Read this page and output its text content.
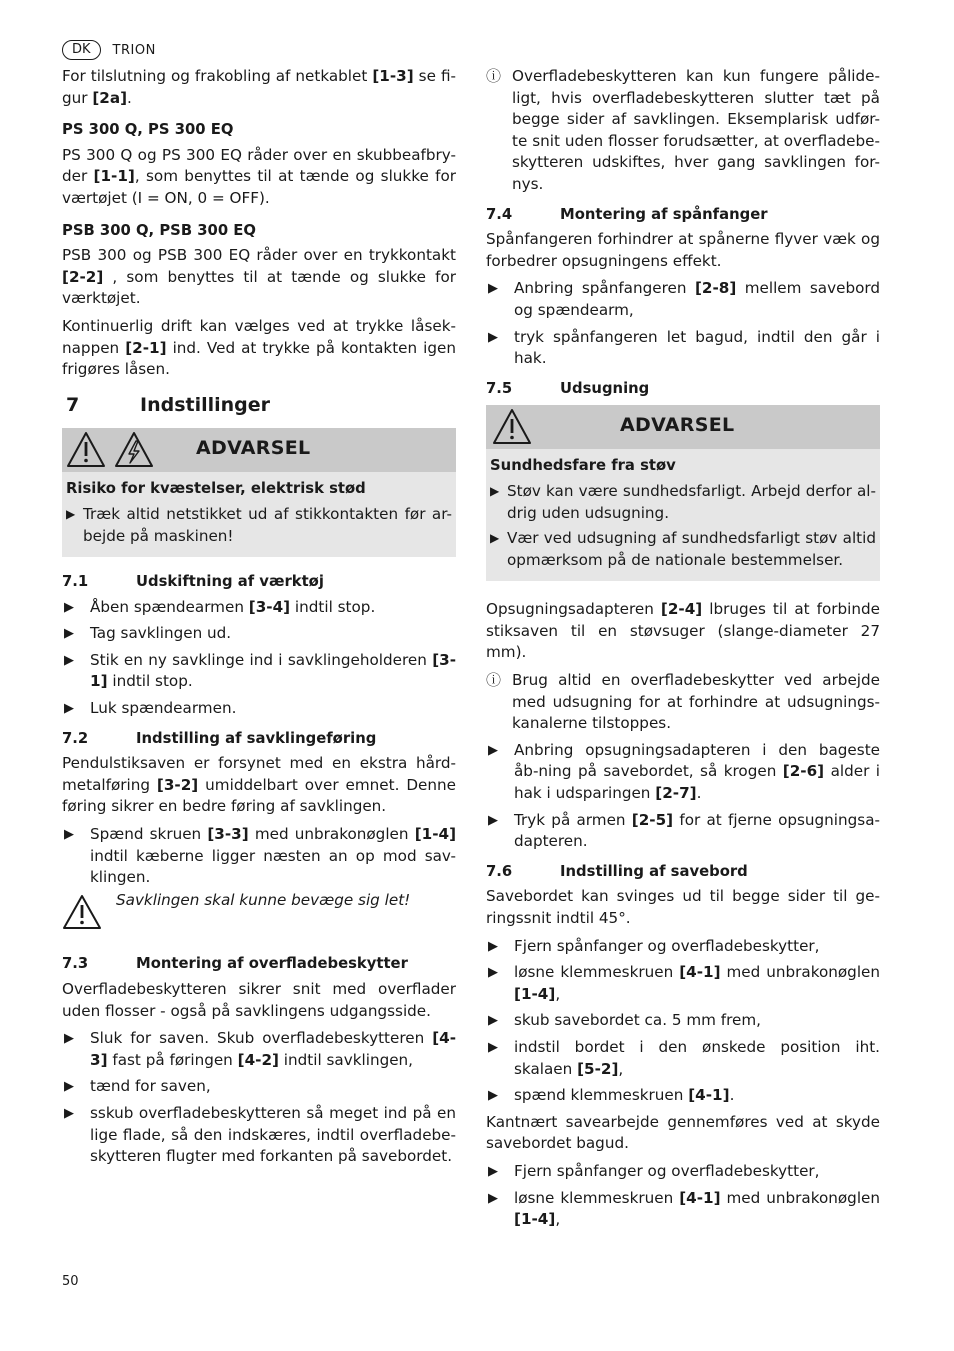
DK	TRION

For tilslutning og frakobling af netkablet [1-3] se fi-gur [2a].

PS 300 Q, PS 300 EQ

PS 300 Q og PS 300 EQ råder over en skubbeafbry-der [1-1], som benyttes til at tænde og slukke for værtøjet (I = ON, 0 = OFF).

PSB 300 Q, PSB 300 EQ

PSB 300 og PSB 300 EQ råder over en trykkontakt [2-2] , som benyttes til at tænde og slukke for værktøjet.

Kontinuerlig drift kan vælges ved at trykke låsek-nappen [2-1] ind. Ved at trykke på kontakten igen frigøres låsen.

7	Indstillinger
ADVARSEL
Risiko for kvæstelser, elektrisk stød
▶ Træk altid netstikket ud af stikkontakten før ar-bejde på maskinen!
7.1	Udskiftning af værktøj
▶	Åben spændearmen [3-4] indtil stop.
▶	Tag savklingen ud.
▶	Stik en ny savklinge ind i savklingeholderen [3-1] indtil stop.
▶	Luk spændearmen.
7.2	Indstilling af savklingeføring

Pendulstiksaven er forsynet med en ekstra hård-metalføring [3-2] umiddelbart over emnet. Denne føring sikrer en bedre føring af savklingen.

▶	Spænd skruen [3-3] med unbrakonøglen [1-4] indtil kæberne ligger næsten an op mod sav-klingen.
Savklingen skal kunne bevæge sig let!
7.3	Montering af overfladebeskytter

Overfladebeskytteren sikrer snit med overflader uden flosser - også på savklingens udgangsside.

▶	Sluk for saven. Skub overfladebeskytteren [4-3] fast på føringen [4-2] indtil savklingen,
▶	tænd for saven,
▶	sskub overfladebeskytteren så meget ind på en lige flade, så den indskæres, indtil overfladebe-skytteren flugter med forkanten på savebordet.
ⓘ Overfladebeskytteren kan kun fungere pålide-ligt, hvis overfladebeskytteren slutter tæt på begge sider af savklingen. Eksemplarisk udfør-te snit uden flosser forudsætter, at overfladebe-skytteren udskiftes, hver gang savklingen for-nys.
7.4	Montering af spånfanger

Spånfangeren forhindrer at spånerne flyver væk og forbedrer opsugningens effekt.

▶	Anbring spånfangeren [2-8] mellem savebord og spændearm,
▶	tryk spånfangeren let bagud, indtil den går i hak.
7.5	Udsugning
ADVARSEL
Sundhedsfare fra støv
▶ Støv kan være sundhedsfarligt. Arbejd derfor al-drig uden udsugning.
▶ Vær ved udsugning af sundhedsfarligt støv altid opmærksom på de nationale bestemmelser.

Opsugningsadapteren [2-4] lbruges til at forbinde stiksaven til en støvsuger (slange-diameter 27 mm).

ⓘ Brug altid en overfladebeskytter ved arbejde med udsugning for at forhindre at udsugnings-kanalerne tilstoppes.
▶	Anbring opsugningsadapteren i den bageste åb-ning på savebordet, så krogen [2-6] alder i hak i udsparingen [2-7].
▶	Tryk på armen [2-5] for at fjerne opsugningsa-dapteren.
7.6	Indstilling af savebord

Savebordet kan svinges ud til begge sider til ge-ringssnit indtil 45°.

▶	Fjern spånfanger og overfladebeskytter,
▶	løsne klemmeskruen [4-1] med unbrakonøglen [1-4],
▶	skub savebordet ca. 5 mm frem,
▶	indstil bordet i den ønskede position iht. skalaen [5-2],
▶	spænd klemmeskruen [4-1].

Kantnært savearbejde gennemføres ved at skyde savebordet bagud.

▶	Fjern spånfanger og overfladebeskytter,
▶	løsne klemmeskruen [4-1] med unbrakonøglen [1-4],
50
